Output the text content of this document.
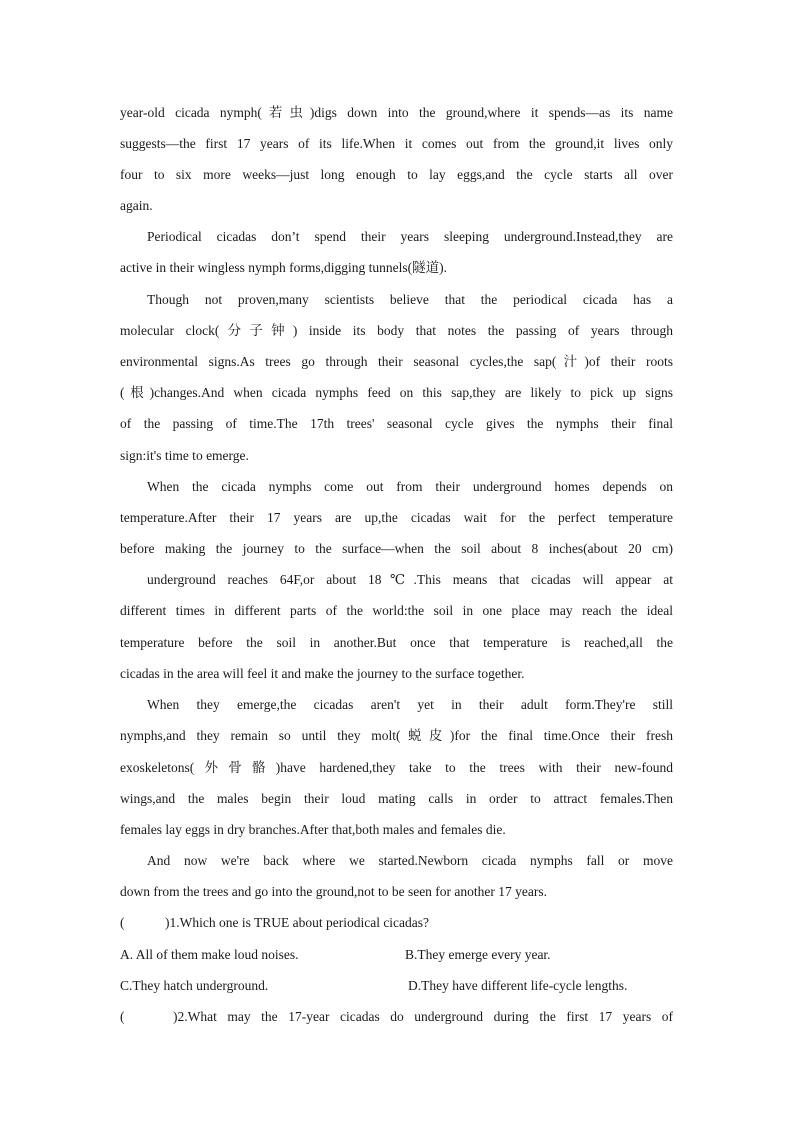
year-old cicada nymph(若虫)digs down into the ground,where it spends—as its name
suggests—the first 17 years of its life.When it comes out from the ground,it lives only
four to six more weeks—just long enough to lay eggs,and the cycle starts all over
again.
Periodical cicadas don’t spend their years sleeping underground.Instead,they are
active in their wingless nymph forms,digging tunnels(隧道).
Though not proven,many scientists believe that the periodical cicada has a
molecular clock(分子钟) inside its body that notes the passing of years through
environmental signs.As trees go through their seasonal cycles,the sap(汁)of their roots
(根)changes.And when cicada nymphs feed on this sap,they are likely to pick up signs
of the passing of time.The 17th trees' seasonal cycle gives the nymphs their final
sign:it's time to emerge.
When the cicada nymphs come out from their underground homes depends on
temperature.After their 17 years are up,the cicadas wait for the perfect temperature
before making the journey to the surface—when the soil about 8 inches(about 20 cm)
underground reaches 64F,or about 18℃.This means that cicadas will appear at
different times in different parts of the world:the soil in one place may reach the ideal
temperature before the soil in another.But once that temperature is reached,all the
cicadas in the area will feel it and make the journey to the surface together.
When they emerge,the cicadas aren't yet in their adult form.They're still
nymphs,and they remain so until they molt(蜕皮)for the final time.Once their fresh
exoskeletons(外骨骼)have hardened,they take to the trees with their new-found
wings,and the males begin their loud mating calls in order to attract females.Then
females lay eggs in dry branches.After that,both males and females die.
And now we're back where we started.Newborn cicada nymphs fall or move
down from the trees and go into the ground,not to be seen for another 17 years.
(　　　)1.Which one is TRUE about periodical cicadas?
A. All of them make loud noises.	B.They emerge every year.
C.They hatch underground.	D.They have different life-cycle lengths.
(　　)2.What may the 17-year cicadas do underground during the first 17 years of
